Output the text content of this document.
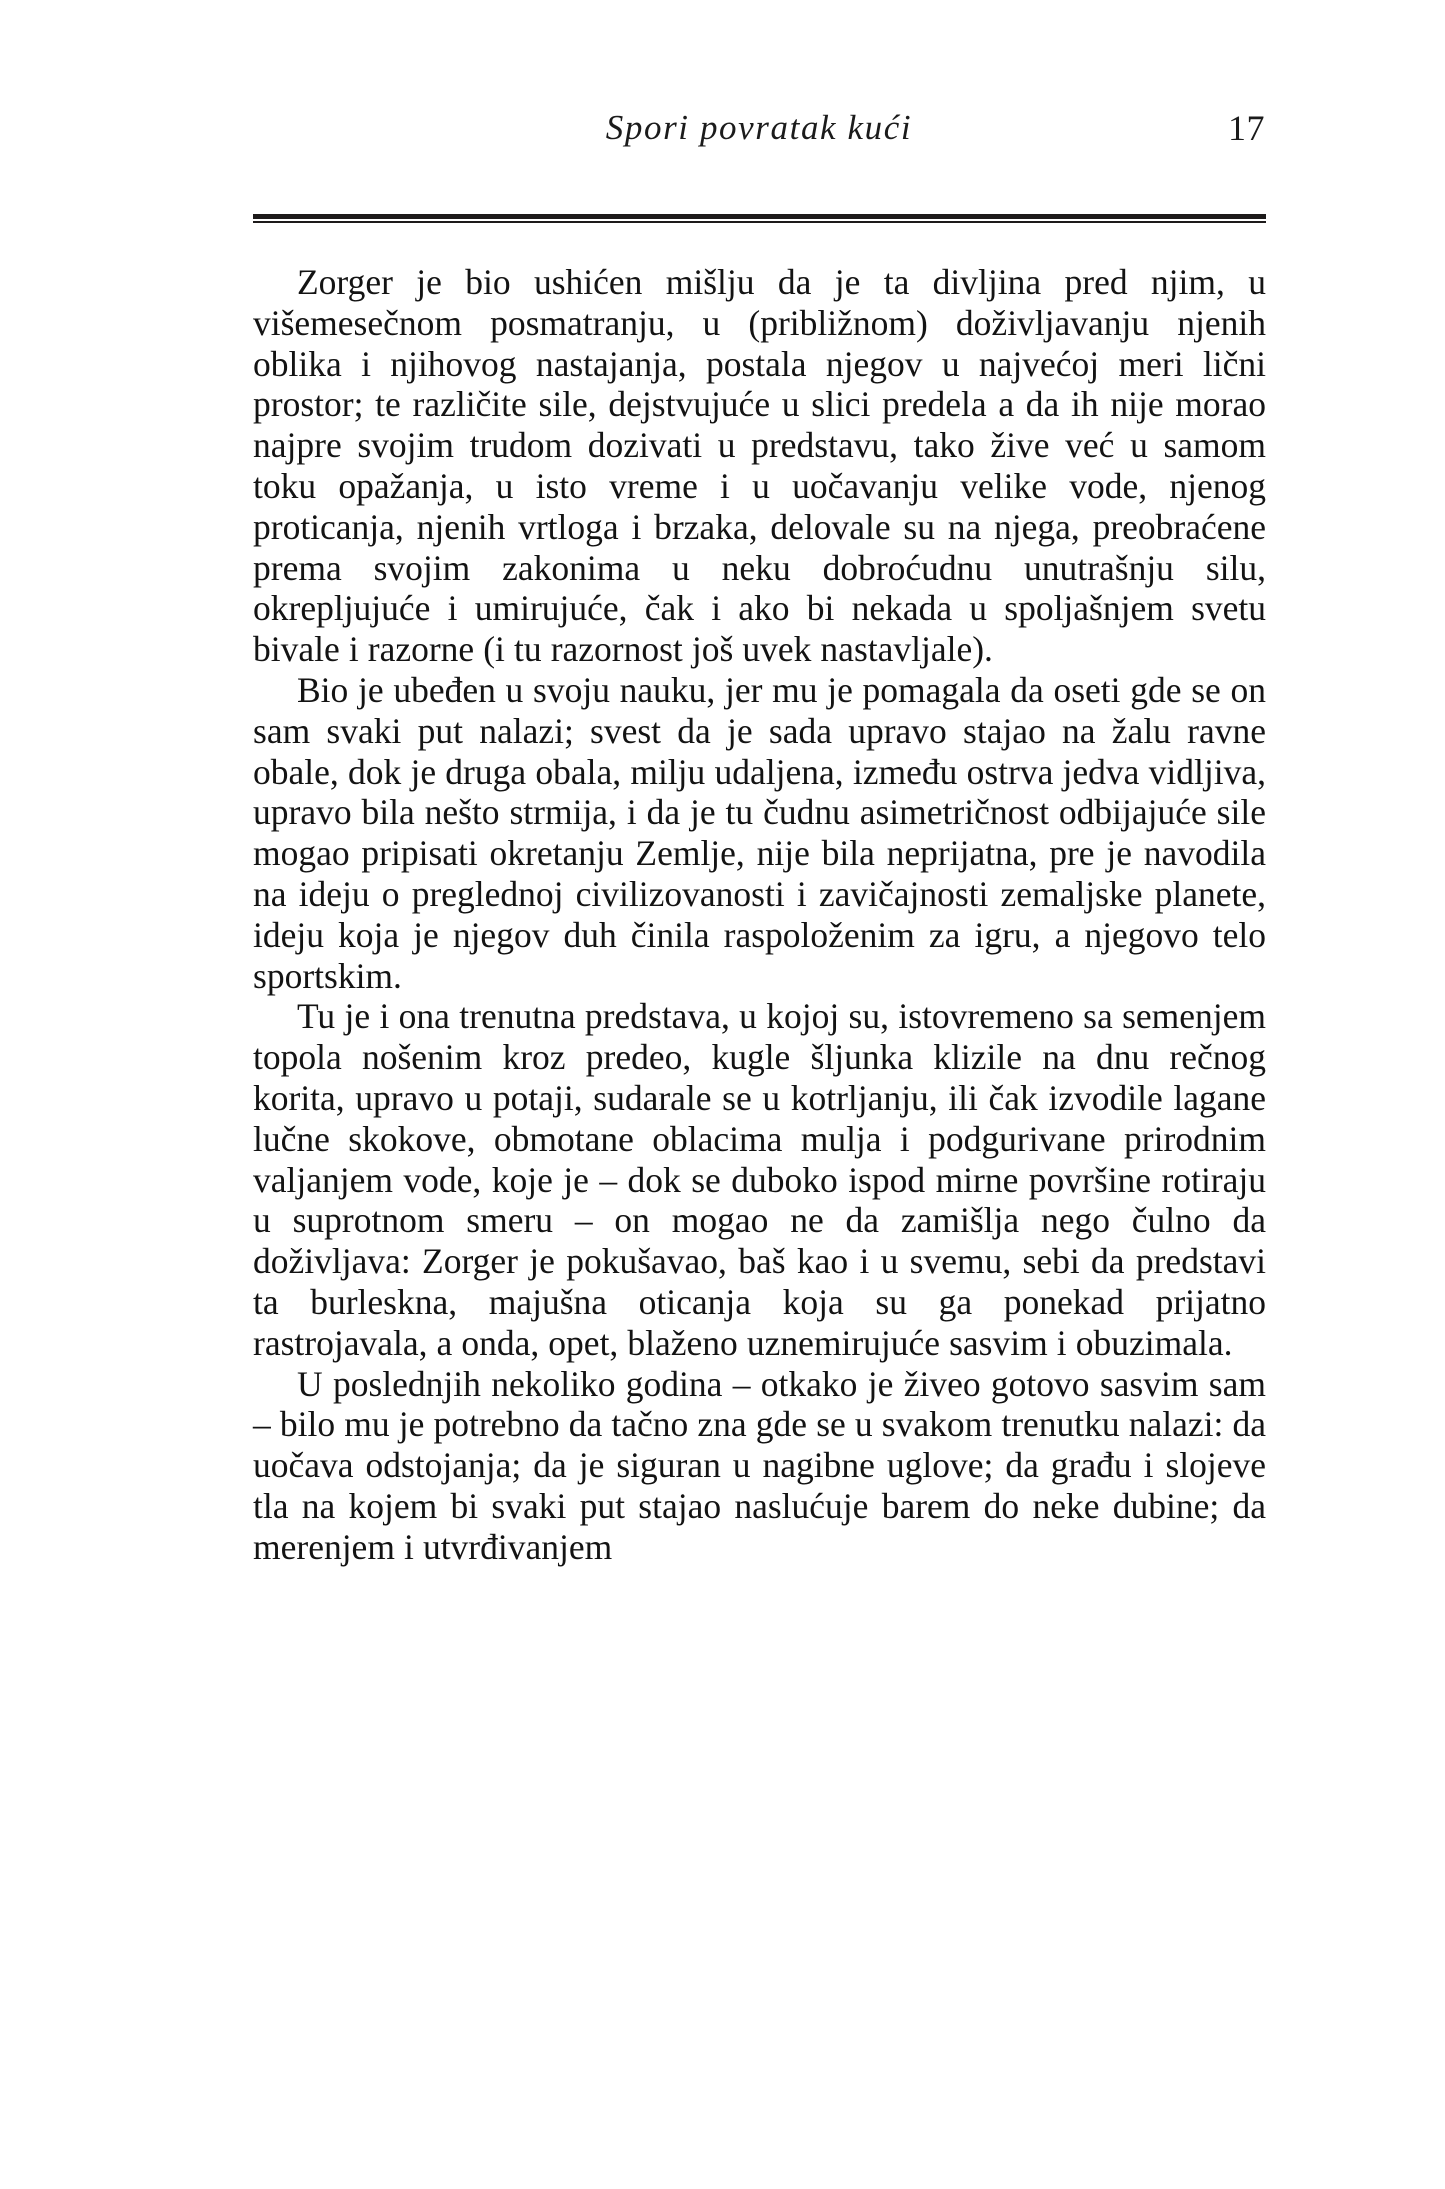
Spori povratak kući	17

Zorger je bio ushićen mišlju da je ta divljina pred njim, u višemesečnom posmatranju, u (približnom) doživljavanju njenih oblika i njihovog nastajanja, postala njegov u najvećoj meri lični prostor; te različite sile, dejstvujuće u slici predela a da ih nije morao najpre svojim trudom dozivati u predstavu, tako žive već u samom toku opažanja, u isto vreme i u uočavanju velike vode, njenog proticanja, njenih vrtloga i brzaka, delovale su na njega, preobraćene prema svojim zakonima u neku dobroćudnu unutrašnju silu, okrepljujuće i umirujuće, čak i ako bi nekada u spoljašnjem svetu bivale i razorne (i tu razornost još uvek nastavljale).

Bio je ubeđen u svoju nauku, jer mu je pomagala da oseti gde se on sam svaki put nalazi; svest da je sada upravo stajao na žalu ravne obale, dok je druga obala, milju udaljena, između ostrva jedva vidljiva, upravo bila nešto strmija, i da je tu čudnu asimetričnost odbijajuće sile mogao pripisati okretanju Zemlje, nije bila neprijatna, pre je navodila na ideju o preglednoj civilizovanosti i zavičajnosti zemaljske planete, ideju koja je njegov duh činila raspoloženim za igru, a njegovo telo sportskim.

Tu je i ona trenutna predstava, u kojoj su, istovremeno sa semenjem topola nošenim kroz predeo, kugle šljunka klizile na dnu rečnog korita, upravo u potaji, sudarale se u kotrljanju, ili čak izvodile lagane lučne skokove, obmotane oblacima mulja i podgurivane prirodnim valjanjem vode, koje je – dok se duboko ispod mirne površine rotiraju u suprotnom smeru – on mogao ne da zamišlja nego čulno da doživljava: Zorger je pokušavao, baš kao i u svemu, sebi da predstavi ta burleskna, majušna oticanja koja su ga ponekad prijatno rastrojavala, a onda, opet, blaženo uznemirujuće sasvim i obuzimala.

U poslednjih nekoliko godina – otkako je živeo gotovo sasvim sam – bilo mu je potrebno da tačno zna gde se u svakom trenutku nalazi: da uočava odstojanja; da je siguran u nagibne uglove; da građu i slojeve tla na kojem bi svaki put stajao naslućuje barem do neke dubine; da merenjem i utvrđivanjem
